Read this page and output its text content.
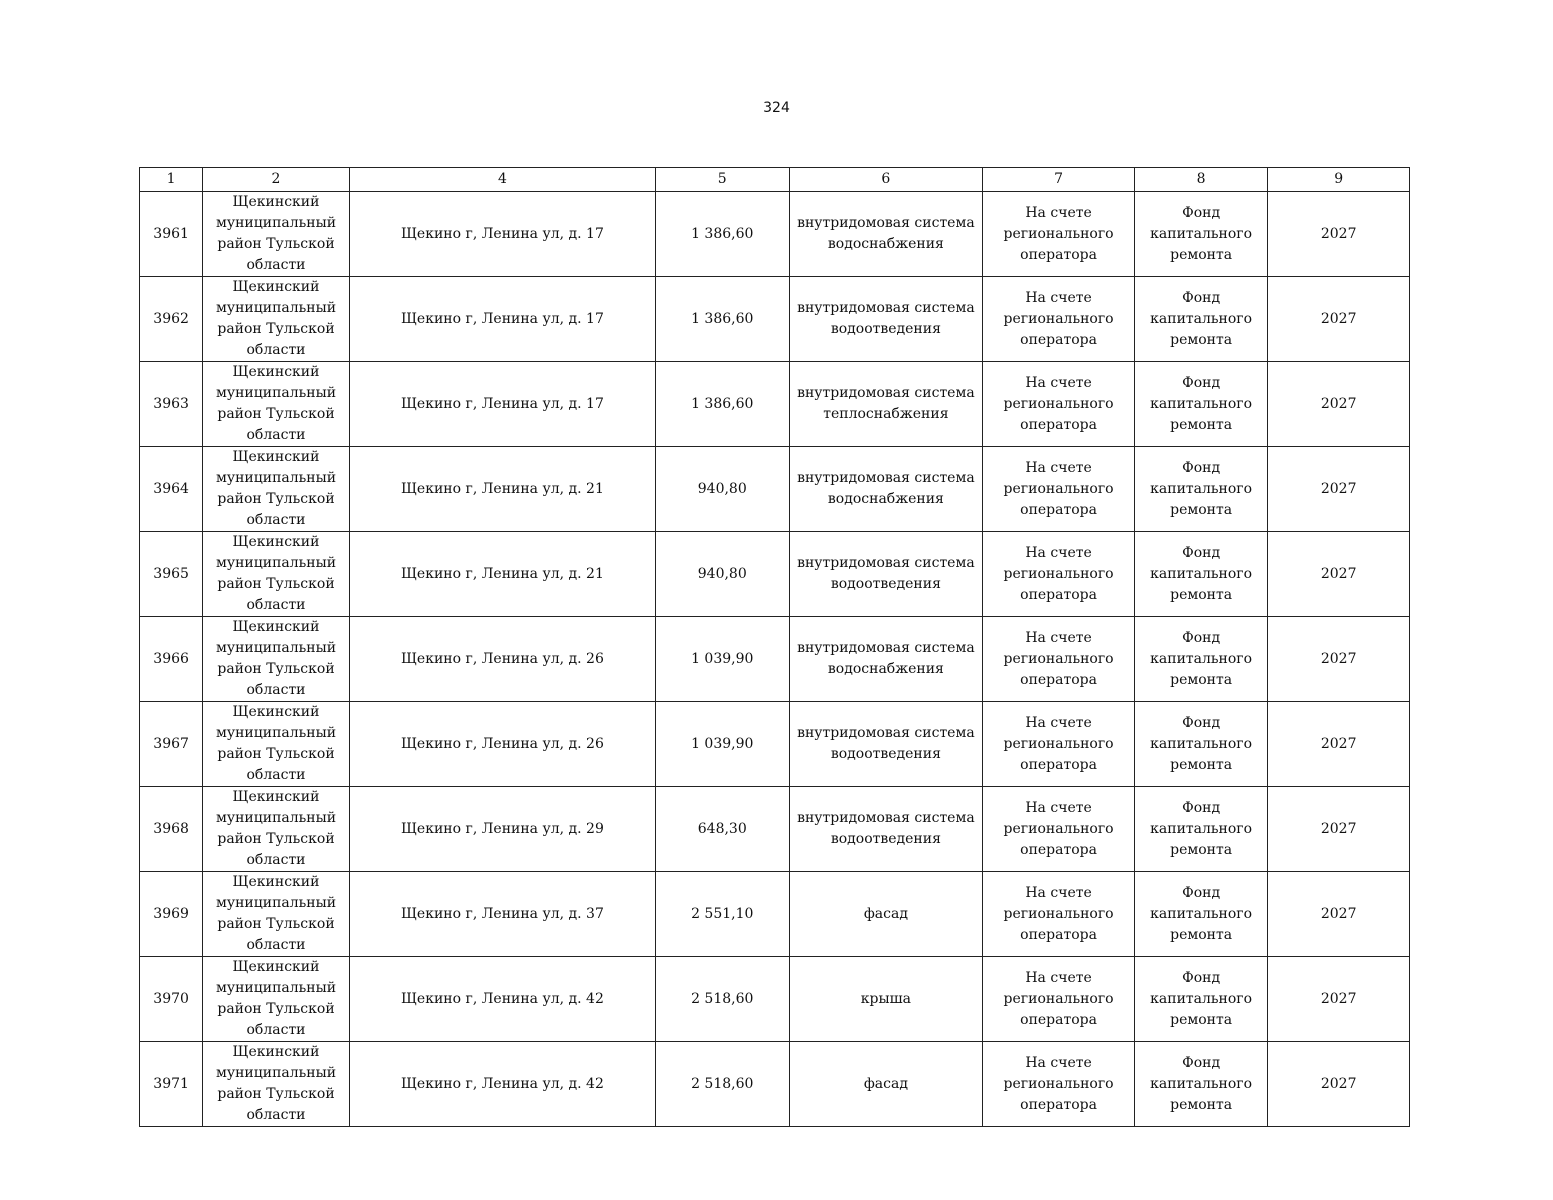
324
1	2	4	5	6	7	8	9
3961	Щекинский
муниципальный
район Тульской
области	Щекино г, Ленина ул, д. 17	1 386,60	внутридомовая система
водоснабжения	На счете
регионального
оператора	Фонд
капитального
ремонта	2027
3962	Щекинский
муниципальный
район Тульской
области	Щекино г, Ленина ул, д. 17	1 386,60	внутридомовая система
водоотведения	На счете
регионального
оператора	Фонд
капитального
ремонта	2027
3963	Щекинский
муниципальный
район Тульской
области	Щекино г, Ленина ул, д. 17	1 386,60	внутридомовая система
теплоснабжения	На счете
регионального
оператора	Фонд
капитального
ремонта	2027
3964	Щекинский
муниципальный
район Тульской
области	Щекино г, Ленина ул, д. 21	940,80	внутридомовая система
водоснабжения	На счете
регионального
оператора	Фонд
капитального
ремонта	2027
3965	Щекинский
муниципальный
район Тульской
области	Щекино г, Ленина ул, д. 21	940,80	внутридомовая система
водоотведения	На счете
регионального
оператора	Фонд
капитального
ремонта	2027
3966	Щекинский
муниципальный
район Тульской
области	Щекино г, Ленина ул, д. 26	1 039,90	внутридомовая система
водоснабжения	На счете
регионального
оператора	Фонд
капитального
ремонта	2027
3967	Щекинский
муниципальный
район Тульской
области	Щекино г, Ленина ул, д. 26	1 039,90	внутридомовая система
водоотведения	На счете
регионального
оператора	Фонд
капитального
ремонта	2027
3968	Щекинский
муниципальный
район Тульской
области	Щекино г, Ленина ул, д. 29	648,30	внутридомовая система
водоотведения	На счете
регионального
оператора	Фонд
капитального
ремонта	2027
3969	Щекинский
муниципальный
район Тульской
области	Щекино г, Ленина ул, д. 37	2 551,10	фасад	На счете
регионального
оператора	Фонд
капитального
ремонта	2027
3970	Щекинский
муниципальный
район Тульской
области	Щекино г, Ленина ул, д. 42	2 518,60	крыша	На счете
регионального
оператора	Фонд
капитального
ремонта	2027
3971	Щекинский
муниципальный
район Тульской
области	Щекино г, Ленина ул, д. 42	2 518,60	фасад	На счете
регионального
оператора	Фонд
капитального
ремонта	2027
